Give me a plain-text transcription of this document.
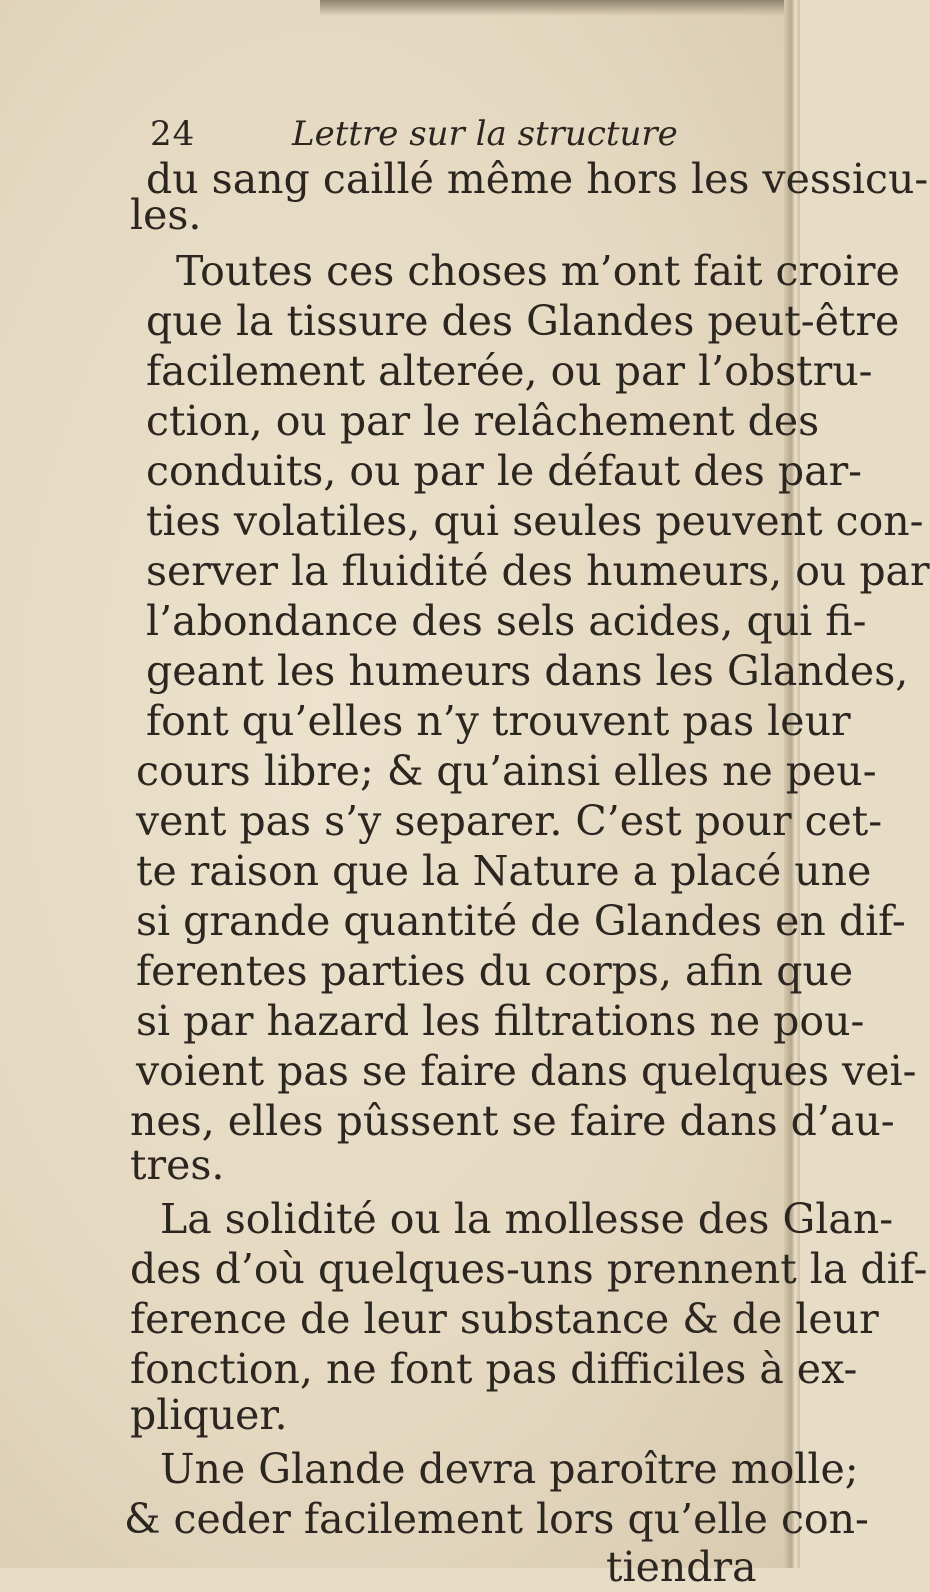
24	Lettre sur la structure
du sang caillé même hors les vessicu-
les.
Toutes ces choses m’ont fait croire
que la tissure des Glandes peut-être
facilement alterée, ou par l’obstru-
ction, ou par le relâchement des
conduits, ou par le défaut des par-
ties volatiles, qui seules peuvent con-
server la fluidité des humeurs, ou par
l’abondance des sels acides, qui fi-
geant les humeurs dans les Glandes,
font qu’elles n’y trouvent pas leur
cours libre; & qu’ainsi elles ne peu-
vent pas s’y separer. C’est pour cet-
te raison que la Nature a placé une
si grande quantité de Glandes en dif-
ferentes parties du corps, afin que
si par hazard les filtrations ne pou-
voient pas se faire dans quelques vei-
nes, elles pûssent se faire dans d’au-
tres.
La solidité ou la mollesse des Glan-
des d’où quelques-uns prennent la dif-
ference de leur substance & de leur
fonction, ne font pas difficiles à ex-
pliquer.
Une Glande devra paroître molle;
& ceder facilement lors qu’elle con-
tiendra
